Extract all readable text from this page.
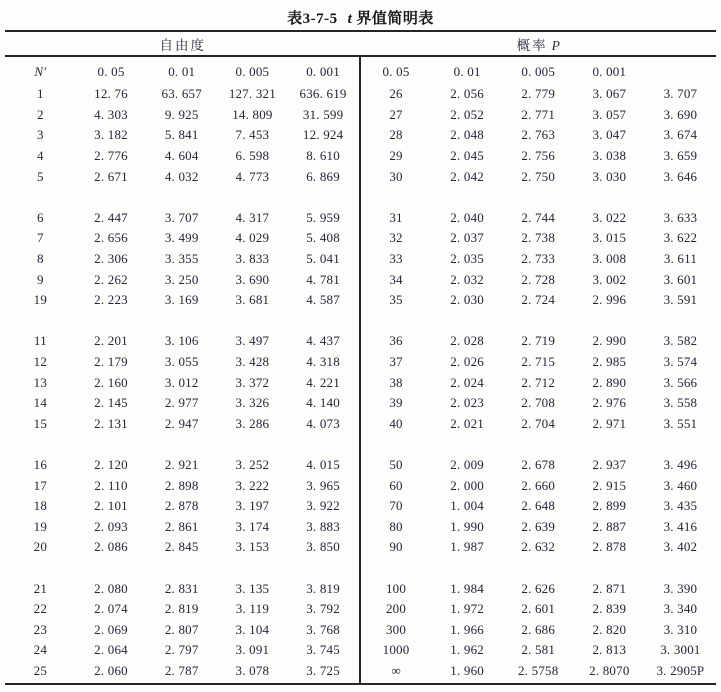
表3-7-5 t 界值简明表
自由度	概率 P
N′	0. 05	0. 01	0. 005	0. 001
1	12. 76	63. 657	127. 321	636. 619
2	4. 303	9. 925	14. 809	31. 599
3	3. 182	5. 841	7. 453	12. 924
4	2. 776	4. 604	6. 598	8. 610
5	2. 671	4. 032	4. 773	6. 869
6	2. 447	3. 707	4. 317	5. 959
7	2. 656	3. 499	4. 029	5. 408
8	2. 306	3. 355	3. 833	5. 041
9	2. 262	3. 250	3. 690	4. 781
19	2. 223	3. 169	3. 681	4. 587
11	2. 201	3. 106	3. 497	4. 437
12	2. 179	3. 055	3. 428	4. 318
13	2. 160	3. 012	3. 372	4. 221
14	2. 145	2. 977	3. 326	4. 140
15	2. 131	2. 947	3. 286	4. 073
16	2. 120	2. 921	3. 252	4. 015
17	2. 110	2. 898	3. 222	3. 965
18	2. 101	2. 878	3. 197	3. 922
19	2. 093	2. 861	3. 174	3. 883
20	2. 086	2. 845	3. 153	3. 850
21	2. 080	2. 831	3. 135	3. 819
22	2. 074	2. 819	3. 119	3. 792
23	2. 069	2. 807	3. 104	3. 768
24	2. 064	2. 797	3. 091	3. 745
25	2. 060	2. 787	3. 078	3. 725
0. 05	0. 01	0. 005	0. 001
26	2. 056	2. 779	3. 067	3. 707
27	2. 052	2. 771	3. 057	3. 690
28	2. 048	2. 763	3. 047	3. 674
29	2. 045	2. 756	3. 038	3. 659
30	2. 042	2. 750	3. 030	3. 646
31	2. 040	2. 744	3. 022	3. 633
32	2. 037	2. 738	3. 015	3. 622
33	2. 035	2. 733	3. 008	3. 611
34	2. 032	2. 728	3. 002	3. 601
35	2. 030	2. 724	2. 996	3. 591
36	2. 028	2. 719	2. 990	3. 582
37	2. 026	2. 715	2. 985	3. 574
38	2. 024	2. 712	2. 890	3. 566
39	2. 023	2. 708	2. 976	3. 558
40	2. 021	2. 704	2. 971	3. 551
50	2. 009	2. 678	2. 937	3. 496
60	2. 000	2. 660	2. 915	3. 460
70	1. 004	2. 648	2. 899	3. 435
80	1. 990	2. 639	2. 887	3. 416
90	1. 987	2. 632	2. 878	3. 402
100	1. 984	2. 626	2. 871	3. 390
200	1. 972	2. 601	2. 839	3. 340
300	1. 966	2. 686	2. 820	3. 310
1000	1. 962	2. 581	2. 813	3. 3001
∞	1. 960	2. 5758	2. 8070	3. 2905P
